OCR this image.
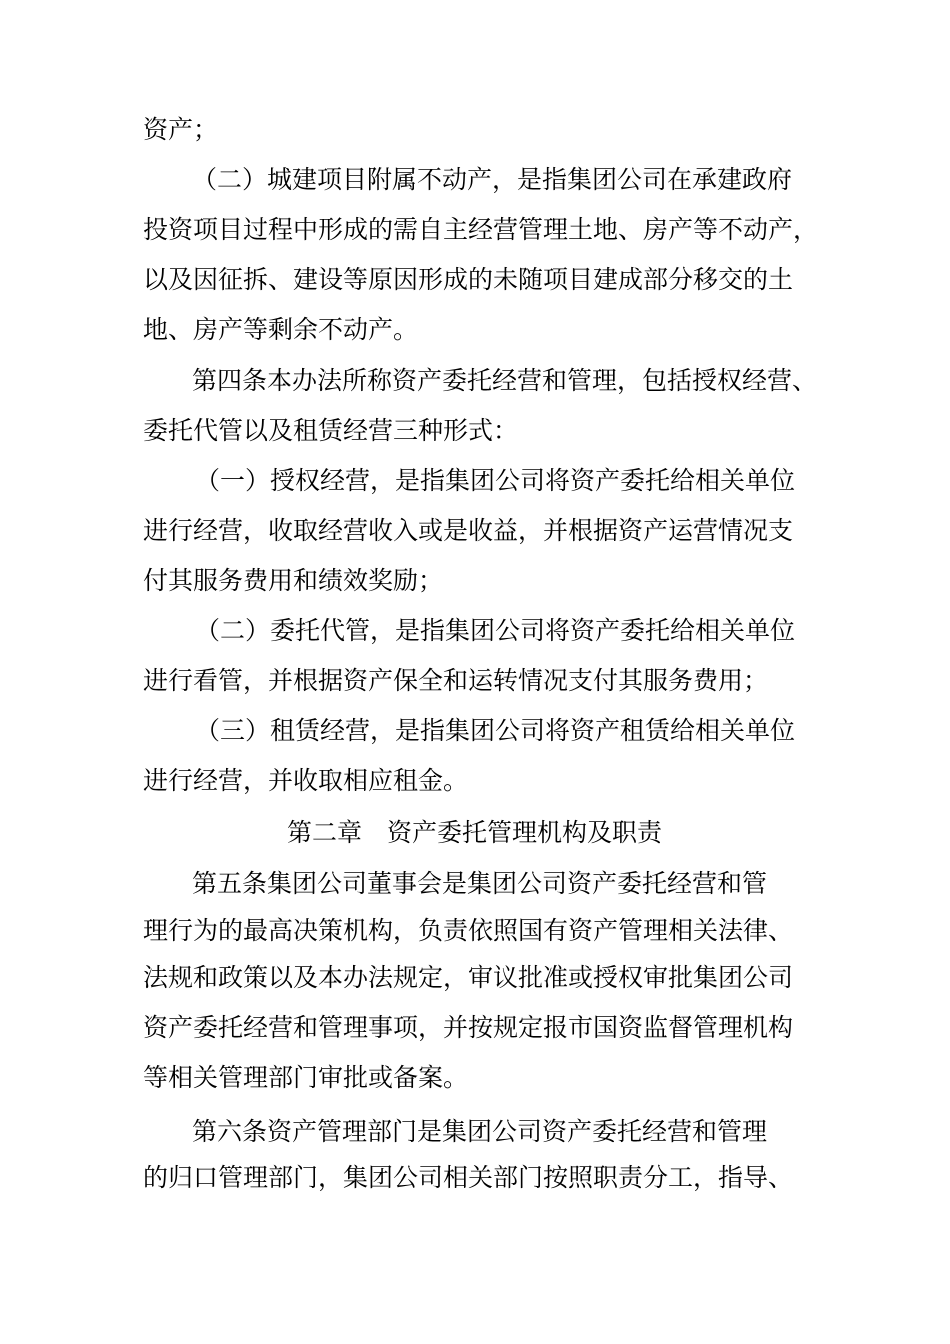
资产；
（二）城建项目附属不动产，是指集团公司在承建政府
投资项目过程中形成的需自主经营管理土地、房产等不动产，
以及因征拆、建设等原因形成的未随项目建成部分移交的土
地、房产等剩余不动产。
第四条本办法所称资产委托经营和管理，包括授权经营、
委托代管以及租赁经营三种形式：
（一）授权经营，是指集团公司将资产委托给相关单位
进行经营，收取经营收入或是收益，并根据资产运营情况支
付其服务费用和绩效奖励；
（二）委托代管，是指集团公司将资产委托给相关单位
进行看管，并根据资产保全和运转情况支付其服务费用；
（三）租赁经营，是指集团公司将资产租赁给相关单位
进行经营，并收取相应租金。
第二章　资产委托管理机构及职责
第五条集团公司董事会是集团公司资产委托经营和管
理行为的最高决策机构，负责依照国有资产管理相关法律、
法规和政策以及本办法规定，审议批准或授权审批集团公司
资产委托经营和管理事项，并按规定报市国资监督管理机构
等相关管理部门审批或备案。
第六条资产管理部门是集团公司资产委托经营和管理
的归口管理部门，集团公司相关部门按照职责分工，指导、
